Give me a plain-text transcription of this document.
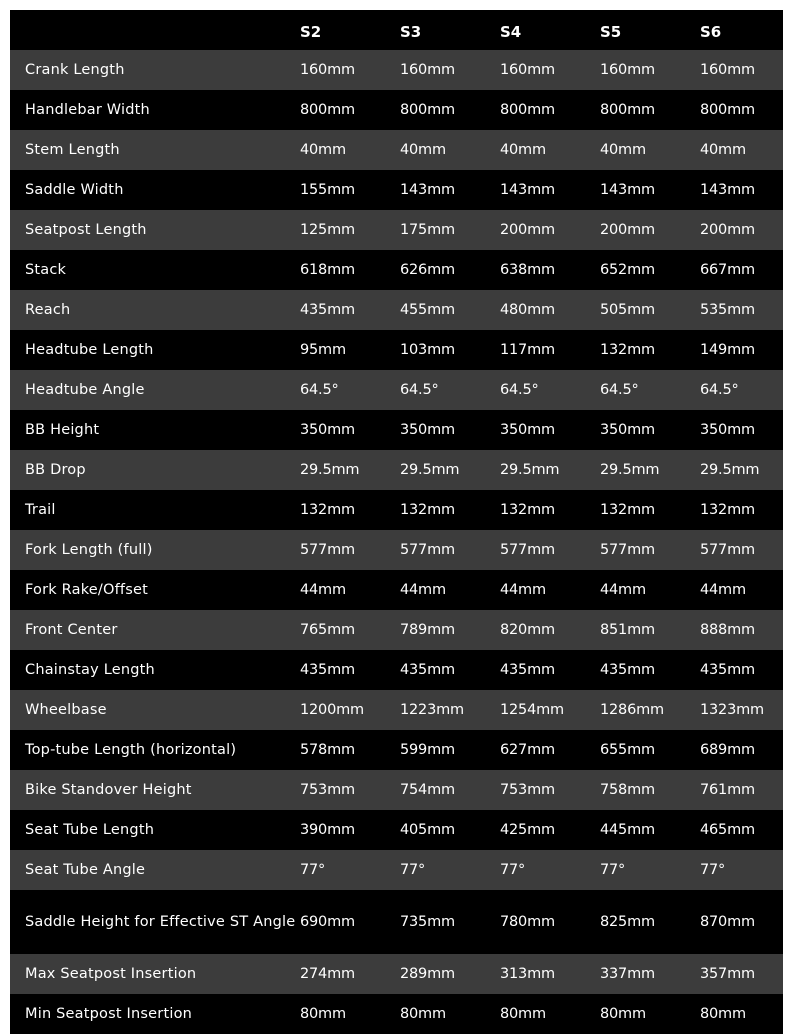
	S2	S3	S4	S5	S6
Crank Length	160mm	160mm	160mm	160mm	160mm
Handlebar Width	800mm	800mm	800mm	800mm	800mm
Stem Length	40mm	40mm	40mm	40mm	40mm
Saddle Width	155mm	143mm	143mm	143mm	143mm
Seatpost Length	125mm	175mm	200mm	200mm	200mm
Stack	618mm	626mm	638mm	652mm	667mm
Reach	435mm	455mm	480mm	505mm	535mm
Headtube Length	95mm	103mm	117mm	132mm	149mm
Headtube Angle	64.5°	64.5°	64.5°	64.5°	64.5°
BB Height	350mm	350mm	350mm	350mm	350mm
BB Drop	29.5mm	29.5mm	29.5mm	29.5mm	29.5mm
Trail	132mm	132mm	132mm	132mm	132mm
Fork Length (full)	577mm	577mm	577mm	577mm	577mm
Fork Rake/Offset	44mm	44mm	44mm	44mm	44mm
Front Center	765mm	789mm	820mm	851mm	888mm
Chainstay Length	435mm	435mm	435mm	435mm	435mm
Wheelbase	1200mm	1223mm	1254mm	1286mm	1323mm
Top-tube Length (horizontal)	578mm	599mm	627mm	655mm	689mm
Bike Standover Height	753mm	754mm	753mm	758mm	761mm
Seat Tube Length	390mm	405mm	425mm	445mm	465mm
Seat Tube Angle	77°	77°	77°	77°	77°
Saddle Height for Effective ST Angle	690mm	735mm	780mm	825mm	870mm
Max Seatpost Insertion	274mm	289mm	313mm	337mm	357mm
Min Seatpost Insertion	80mm	80mm	80mm	80mm	80mm
